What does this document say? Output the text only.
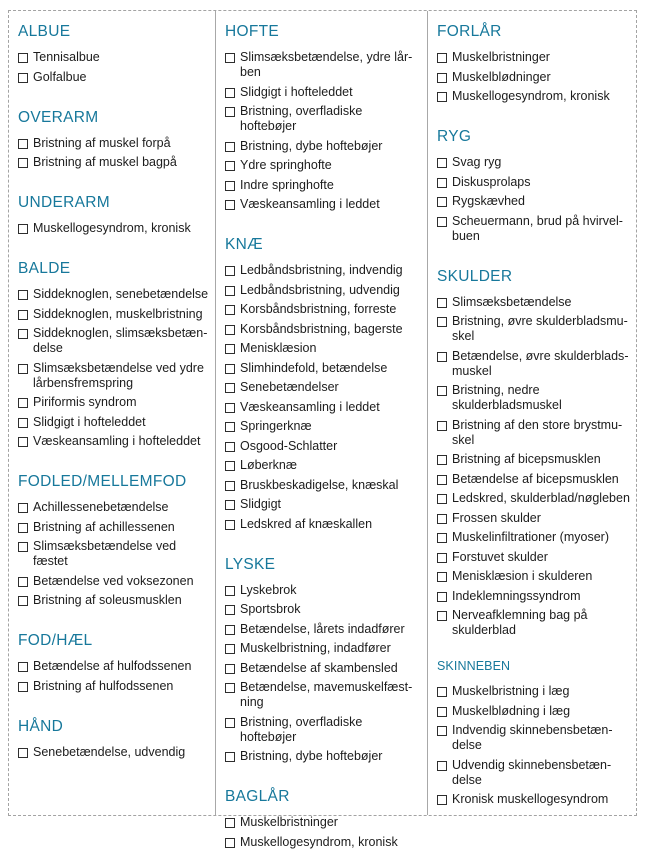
ALBUE
Tennisalbue
Golfalbue
OVERARM
Bristning af muskel forpå
Bristning af muskel bagpå
UNDERARM
Muskellogesyndrom, kronisk
BALDE
Siddeknoglen, senebetændelse
Siddeknoglen, muskelbristning
Siddeknoglen, slimsæksbetændelse
Slimsæksbetændelse ved ydre lårbensfremspring
Piriformis syndrom
Slidgigt i hofteleddet
Væskeansamling i hofteleddet
FODLED/MELLEMFOD
Achillessenebetændelse
Bristning af achillessenen
Slimsæksbetændelse ved fæstet
Betændelse ved voksezonen
Bristning af soleusmusklen
FOD/HÆL
Betændelse af hulfodssenen
Bristning af hulfodssenen
HÅND
Senebetændelse, udvendig
HOFTE
Slimsæksbetændelse, ydre lårben
Slidgigt i hofteleddet
Bristning, overfladiske hoftebøjer
Bristning, dybe hoftebøjer
Ydre springhofte
Indre springhofte
Væskeansamling i leddet
KNÆ
Ledbåndsbristning, indvendig
Ledbåndsbristning, udvendig
Korsbåndsbristning, forreste
Korsbåndsbristning, bagerste
Menisklæsion
Slimhindefold, betændelse
Senebetændelser
Væskeansamling i leddet
Springerknæ
Osgood-Schlatter
Løberknæ
Bruskbeskadigelse, knæskal
Slidgigt
Ledskred af knæskallen
LYSKE
Lyskebrok
Sportsbrok
Betændelse, lårets indadfører
Muskelbristning, indadfører
Betændelse af skambensled
Betændelse, mavemuskelfæstning
Bristning, overfladiske hoftebøjer
Bristning, dybe hoftebøjer
BAGLÅR
Muskelbristninger
Muskellogesyndrom, kronisk
FORLÅR
Muskelbristninger
Muskelblødninger
Muskellogesyndrom, kronisk
RYG
Svag ryg
Diskusprolaps
Rygskævhed
Scheuermann, brud på hvirvelbuen
SKULDER
Slimsæksbetændelse
Bristning, øvre skulderbladsmuskel
Betændelse, øvre skulderbladsmuskel
Bristning, nedre skulderbladsmuskel
Bristning af den store brystmuskel
Bristning af bicepsmusklen
Betændelse af bicepsmusklen
Ledskred, skulderblad/nøgleben
Frossen skulder
Muskelinfiltrationer (myoser)
Forstuvet skulder
Menisklæsion i skulderen
Indeklemningssyndrom
Nerveafklemning bag på skulderblad
SKINNEBEN
Muskelbristning i læg
Muskelblødning i læg
Indvendig skinnebensbetændelse
Udvendig skinnebensbetændelse
Kronisk muskellogesyndrom
